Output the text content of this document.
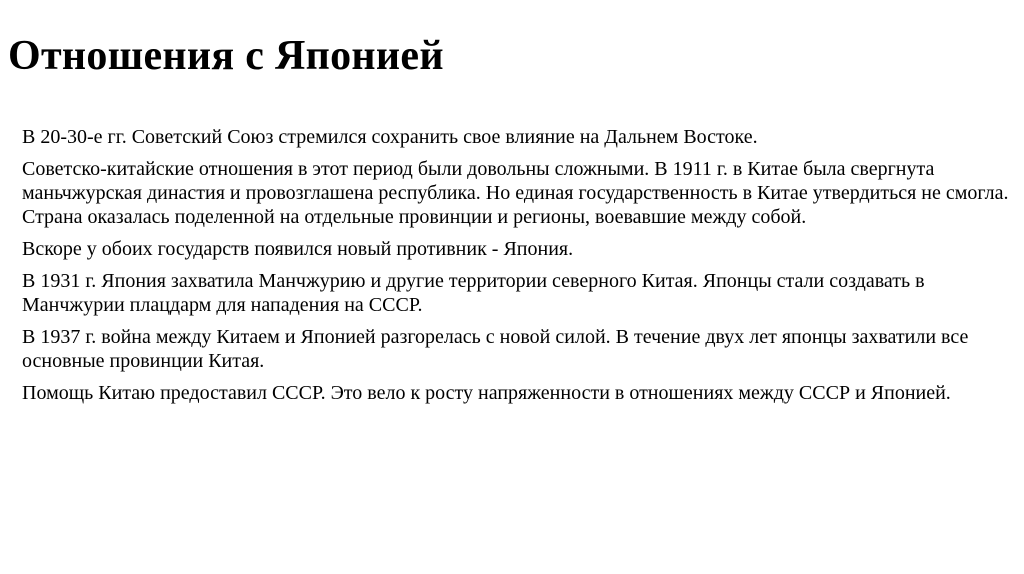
Отношения с Японией

В 20-30-е гг. Советский Союз стремился сохранить свое влияние на Дальнем Востоке.

Советско-китайские отношения в этот период были довольны сложными. В 1911 г. в Китае была свергнута маньчжурская династия и провозглашена республика. Но единая государственность в Китае утвердиться не смогла. Страна оказалась поделенной на отдельные провинции и регионы, воевавшие между собой.

Вскоре у обоих государств появился новый противник - Япония.

В 1931 г. Япония захватила Манчжурию и другие территории северного Китая. Японцы стали создавать в Манчжурии плацдарм для нападения на СССР.

В 1937 г. война между Китаем и Японией разгорелась с новой силой. В течение двух лет японцы захватили все основные провинции Китая.

Помощь Китаю предоставил СССР. Это вело к росту напряженности в отношениях между СССР и Японией.
